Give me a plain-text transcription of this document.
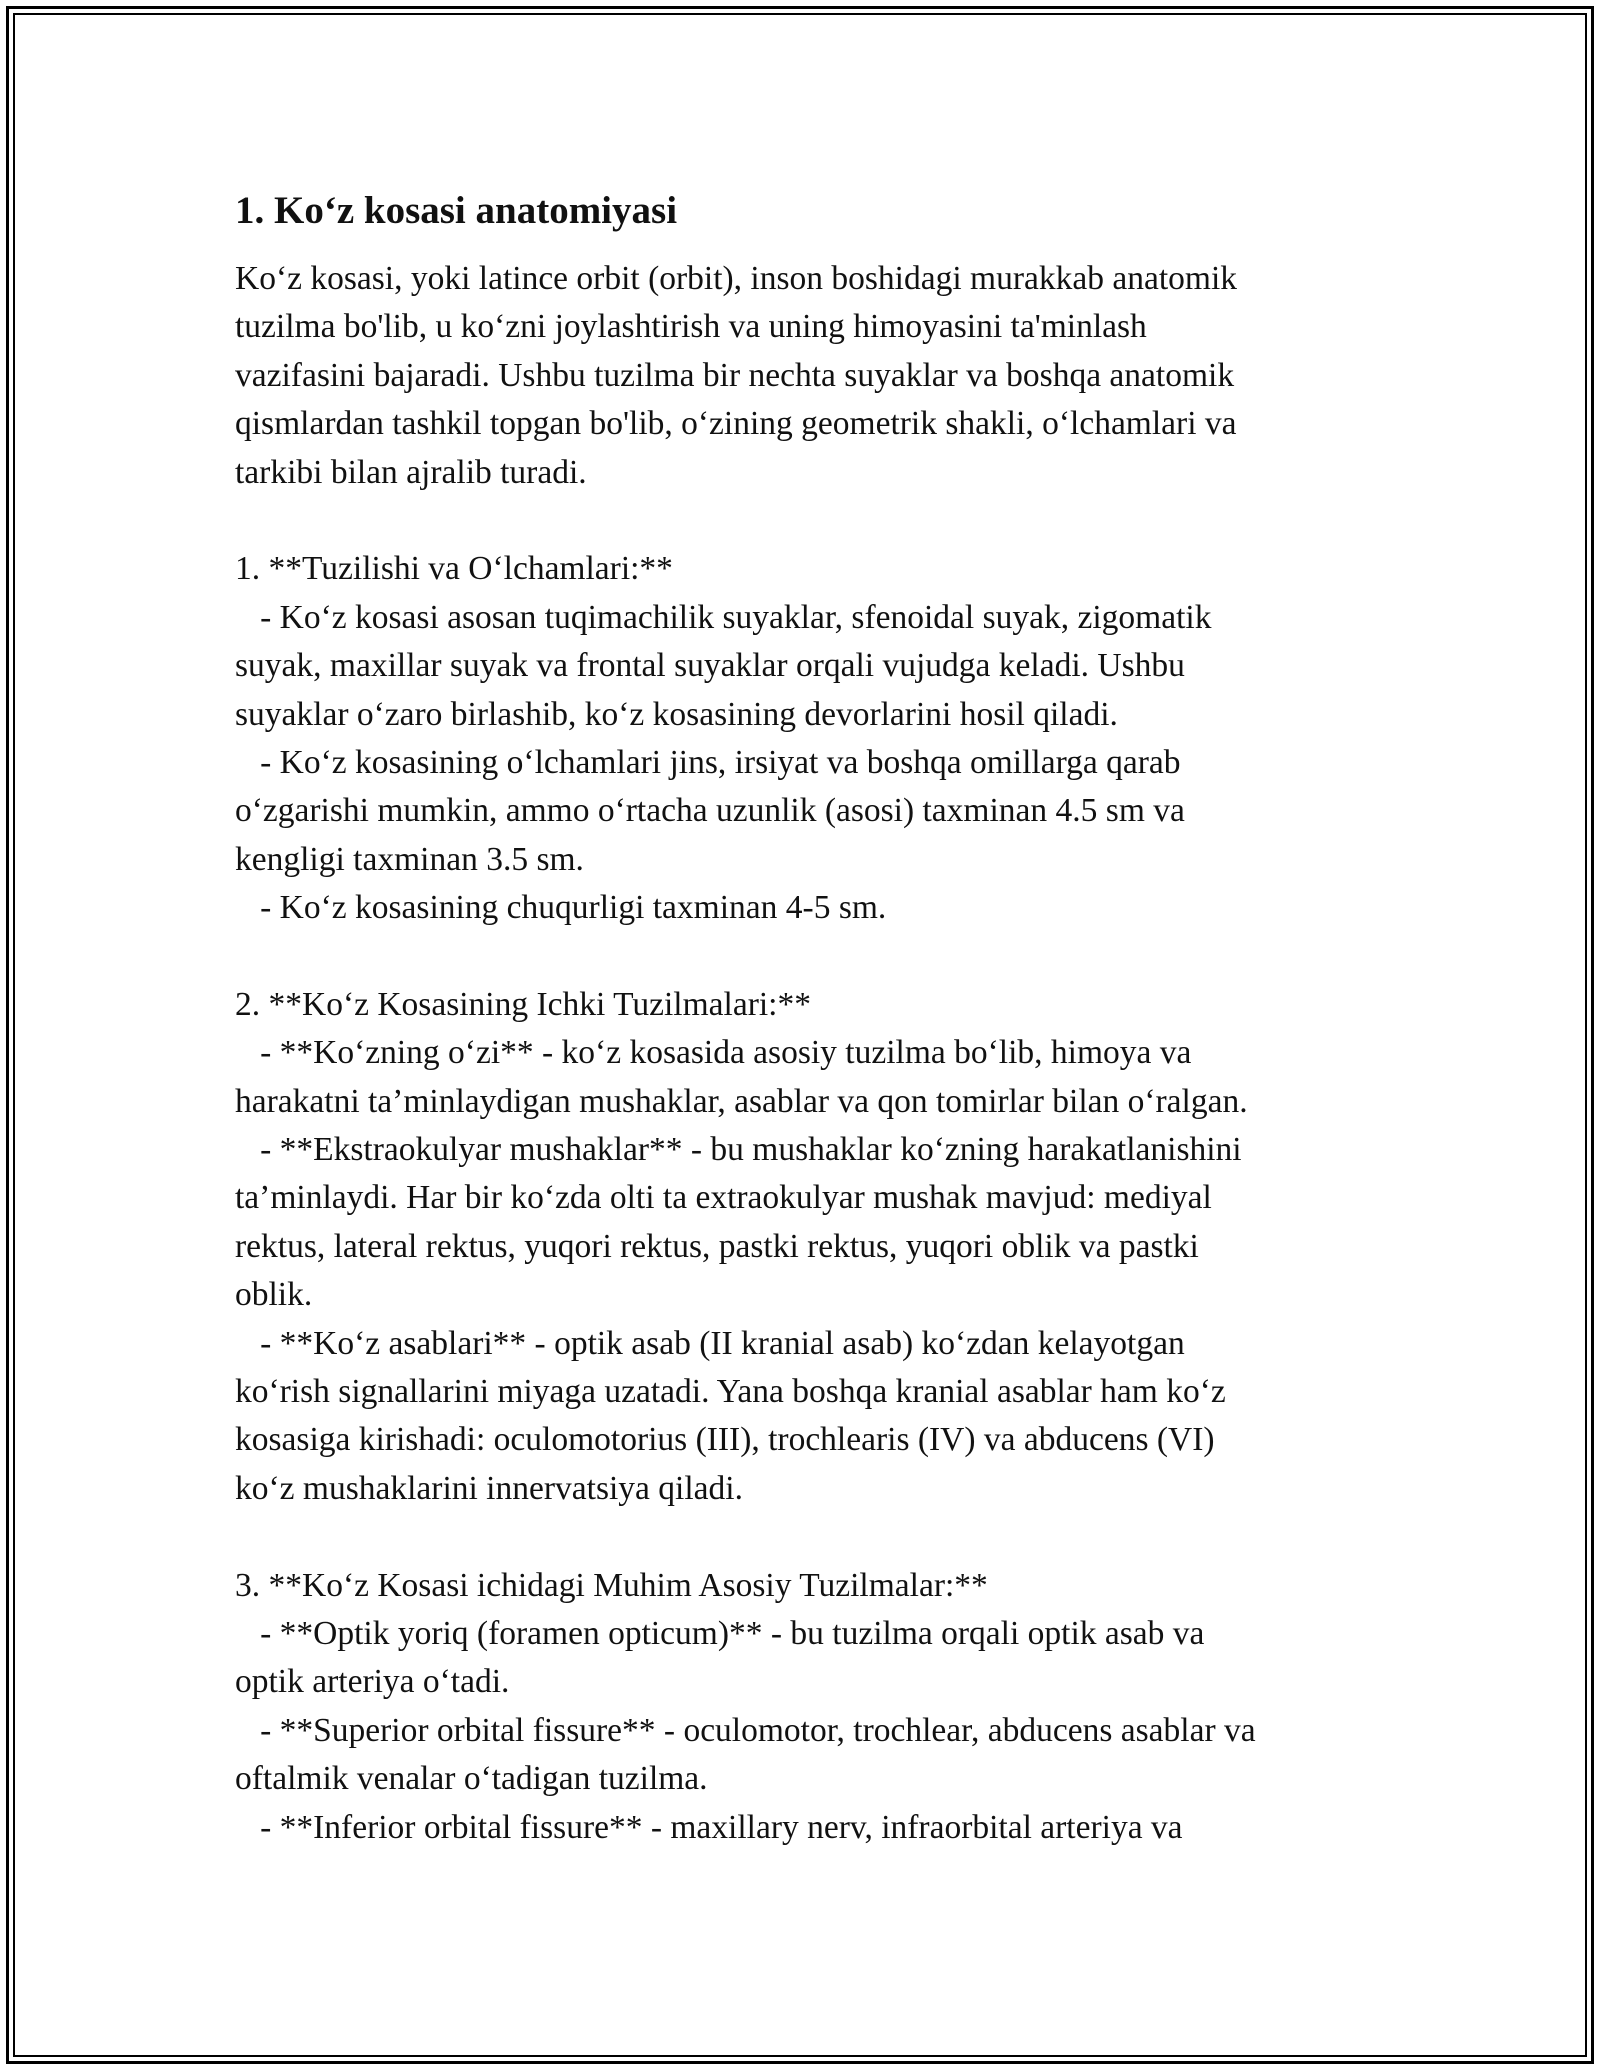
1. Ko‘z kosasi anatomiyasi
Ko‘z kosasi, yoki latince orbit (orbit), inson boshidagi murakkab anatomik
tuzilma bo'lib, u ko‘zni joylashtirish va uning himoyasini ta'minlash
vazifasini bajaradi. Ushbu tuzilma bir nechta suyaklar va boshqa anatomik
qismlardan tashkil topgan bo'lib, o‘zining geometrik shakli, o‘lchamlari va
tarkibi bilan ajralib turadi.
1. **Tuzilishi va O‘lchamlari:**
- Ko‘z kosasi asosan tuqimachilik suyaklar, sfenoidal suyak, zigomatik
suyak, maxillar suyak va frontal suyaklar orqali vujudga keladi. Ushbu
suyaklar o‘zaro birlashib, ko‘z kosasining devorlarini hosil qiladi.
- Ko‘z kosasining o‘lchamlari jins, irsiyat va boshqa omillarga qarab
o‘zgarishi mumkin, ammo o‘rtacha uzunlik (asosi) taxminan 4.5 sm va
kengligi taxminan 3.5 sm.
- Ko‘z kosasining chuqurligi taxminan 4-5 sm.
2. **Ko‘z Kosasining Ichki Tuzilmalari:**
- **Ko‘zning o‘zi** - ko‘z kosasida asosiy tuzilma bo‘lib, himoya va
harakatni ta’minlaydigan mushaklar, asablar va qon tomirlar bilan o‘ralgan.
- **Ekstraokulyar mushaklar** - bu mushaklar ko‘zning harakatlanishini
ta’minlaydi. Har bir ko‘zda olti ta extraokulyar mushak mavjud: mediyal
rektus, lateral rektus, yuqori rektus, pastki rektus, yuqori oblik va pastki
oblik.
- **Ko‘z asablari** - optik asab (II kranial asab) ko‘zdan kelayotgan
ko‘rish signallarini miyaga uzatadi. Yana boshqa kranial asablar ham ko‘z
kosasiga kirishadi: oculomotorius (III), trochlearis (IV) va abducens (VI)
ko‘z mushaklarini innervatsiya qiladi.
3. **Ko‘z Kosasi ichidagi Muhim Asosiy Tuzilmalar:**
- **Optik yoriq (foramen opticum)** - bu tuzilma orqali optik asab va
optik arteriya o‘tadi.
- **Superior orbital fissure** - oculomotor, trochlear, abducens asablar va
oftalmik venalar o‘tadigan tuzilma.
- **Inferior orbital fissure** - maxillary nerv, infraorbital arteriya va
